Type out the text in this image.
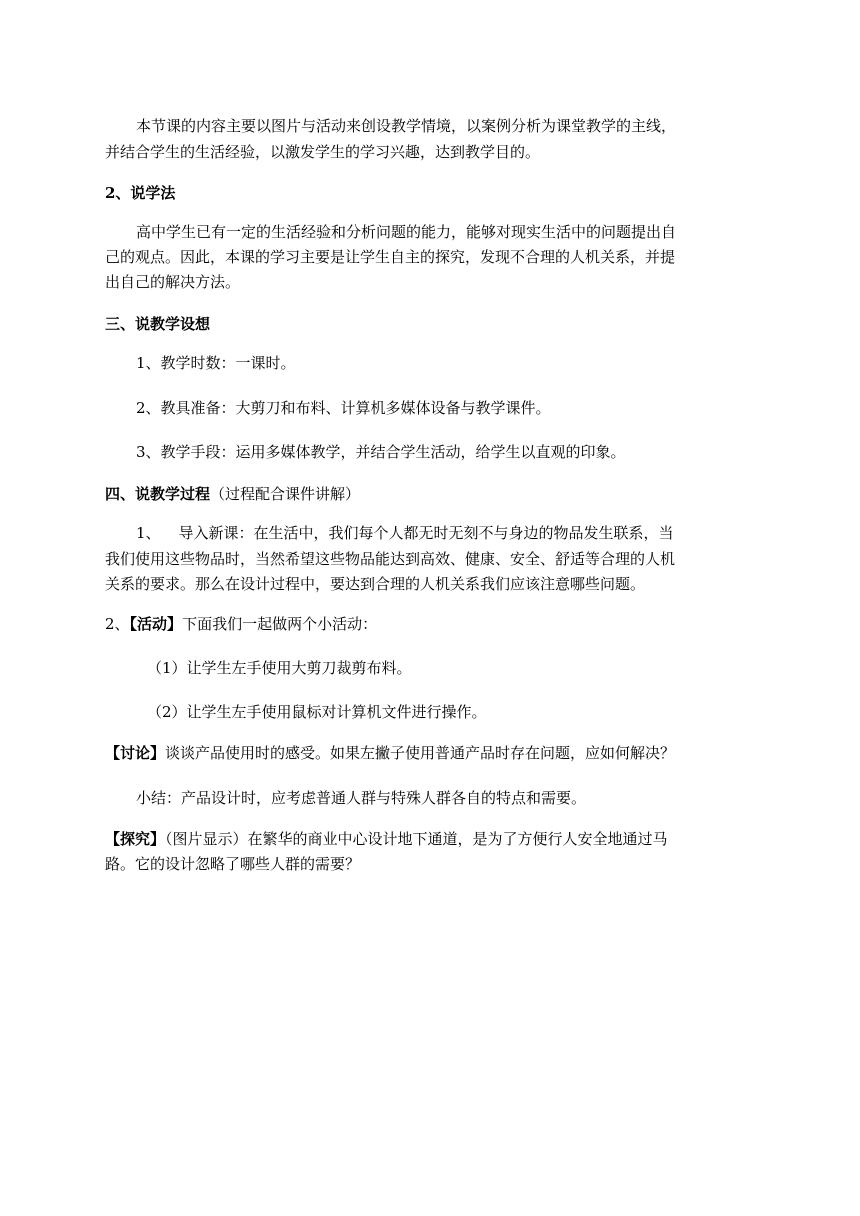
本节课的内容主要以图片与活动来创设教学情境，以案例分析为课堂教学的主线，
并结合学生的生活经验，以激发学生的学习兴趣，达到教学目的。
2、说学法
高中学生已有一定的生活经验和分析问题的能力，能够对现实生活中的问题提出自
己的观点。因此，本课的学习主要是让学生自主的探究，发现不合理的人机关系，并提
出自己的解决方法。
三、说教学设想
1、教学时数：一课时。
2、教具准备：大剪刀和布料、计算机多媒体设备与教学课件。
3、教学手段：运用多媒体教学，并结合学生活动，给学生以直观的印象。
四、说教学过程（过程配合课件讲解）
1、 导入新课：在生活中，我们每个人都无时无刻不与身边的物品发生联系，当
我们使用这些物品时，当然希望这些物品能达到高效、健康、安全、舒适等合理的人机
关系的要求。那么在设计过程中，要达到合理的人机关系我们应该注意哪些问题。
2、【活动】下面我们一起做两个小活动：
（1）让学生左手使用大剪刀裁剪布料。
（2）让学生左手使用鼠标对计算机文件进行操作。
【讨论】谈谈产品使用时的感受。如果左撇子使用普通产品时存在问题，应如何解决？
小结：产品设计时，应考虑普通人群与特殊人群各自的特点和需要。
【探究】（图片显示）在繁华的商业中心设计地下通道，是为了方便行人安全地通过马
路。它的设计忽略了哪些人群的需要？
